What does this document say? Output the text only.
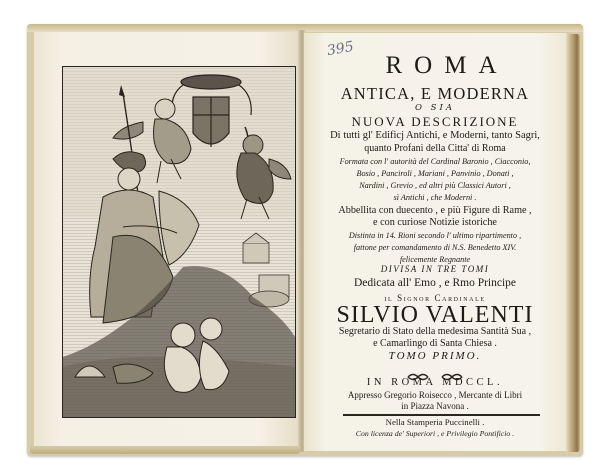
395
ROMA
ANTICA, E MODERNA
O SIA
NUOVA DESCRIZIONE
Di tutti gl' Edificj Antichi, e Moderni, tanto Sagri,
quanto Profani della Citta' di Roma
Formata con l' autorità del Cardinal Baronio , Ciacconio,
Bosio , Panciroli , Mariani , Panvinio , Donati ,
Nardini , Grevio , ed altri più Classici Autori ,
sì Antichi , che Moderni .
Abbellita con duecento , e più Figure di Rame ,
e con curiose Notizie istoriche
Distinta in 14. Rioni secondo l' ultimo ripartimento ,
fattone per comandamento di N.S. Benedetto XIV.
felicemente Regnante
DIVISA IN TRE TOMI
Dedicata all' Emo , e Rmo Principe
il Signor Cardinale
SILVIO VALENTI
Segretario di Stato della medesima Santità Sua ,
e Camarlingo di Santa Chiesa .
TOMO PRIMO.

IN ROMA MDCCL.
Appresso Gregorio Roisecco , Mercante di Libri
in Piazza Navona .
Nella Stamperia Puccinelli .
Con licenza de' Superiori , e Privilegio Pontificio .
